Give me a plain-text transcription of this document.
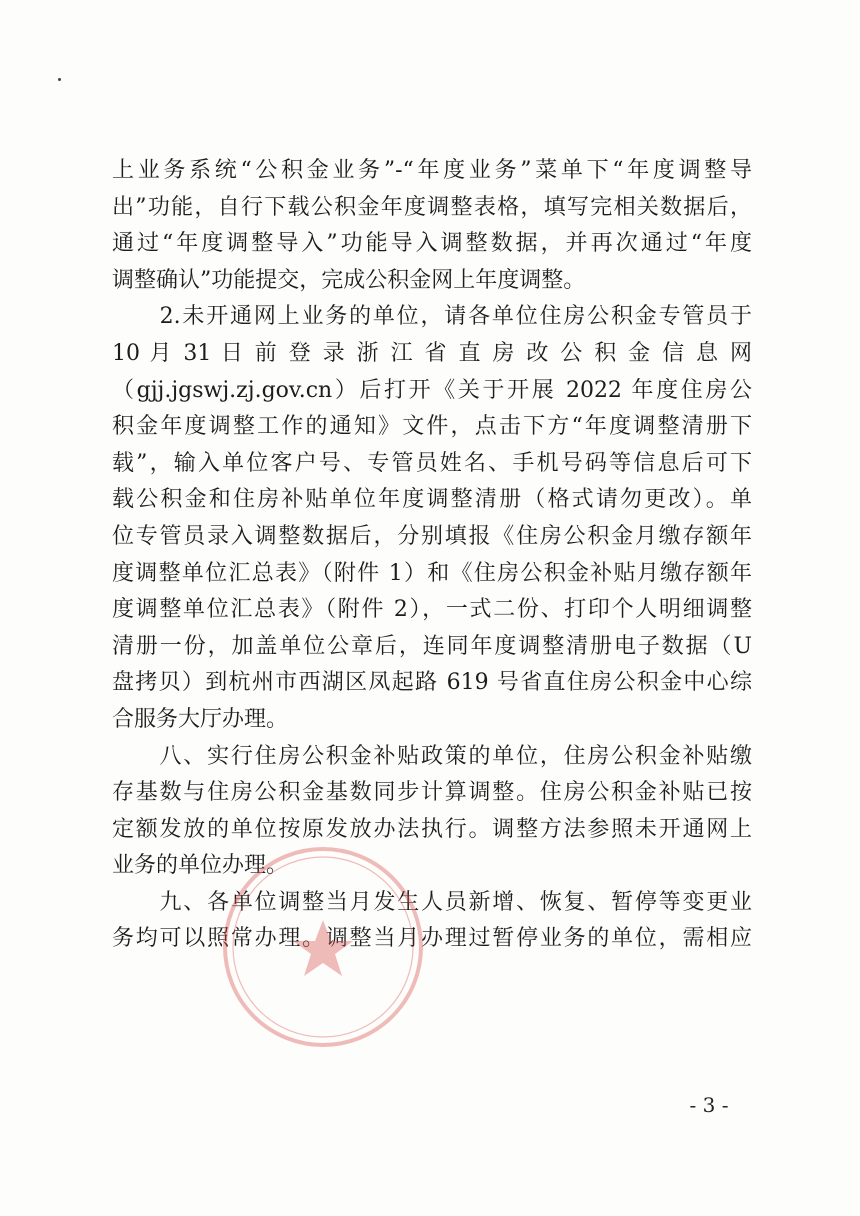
上业务系统“公积金业务”-“年度业务”菜单下“年度调整导
出”功能，自行下载公积金年度调整表格，填写完相关数据后，
通过“年度调整导入”功能导入调整数据，并再次通过“年度
调整确认”功能提交，完成公积金网上年度调整。
　　2.未开通网上业务的单位，请各单位住房公积金专管员于
10 月 31 日 前 登 录 浙 江 省 直 房 改 公 积 金 信 息 网
（gjj.jgswj.zj.gov.cn）后打开《关于开展 2022 年度住房公
积金年度调整工作的通知》文件，点击下方“年度调整清册下
载”，输入单位客户号、专管员姓名、手机号码等信息后可下
载公积金和住房补贴单位年度调整清册（格式请勿更改）。单
位专管员录入调整数据后，分别填报《住房公积金月缴存额年
度调整单位汇总表》（附件 1）和《住房公积金补贴月缴存额年
度调整单位汇总表》（附件 2），一式二份、打印个人明细调整
清册一份，加盖单位公章后，连同年度调整清册电子数据（U
盘拷贝）到杭州市西湖区凤起路 619 号省直住房公积金中心综
合服务大厅办理。
　　八、实行住房公积金补贴政策的单位，住房公积金补贴缴
存基数与住房公积金基数同步计算调整。住房公积金补贴已按
定额发放的单位按原发放办法执行。调整方法参照未开通网上
业务的单位办理。
　　九、各单位调整当月发生人员新增、恢复、暂停等变更业
务均可以照常办理。调整当月办理过暂停业务的单位，需相应
- 3 -
